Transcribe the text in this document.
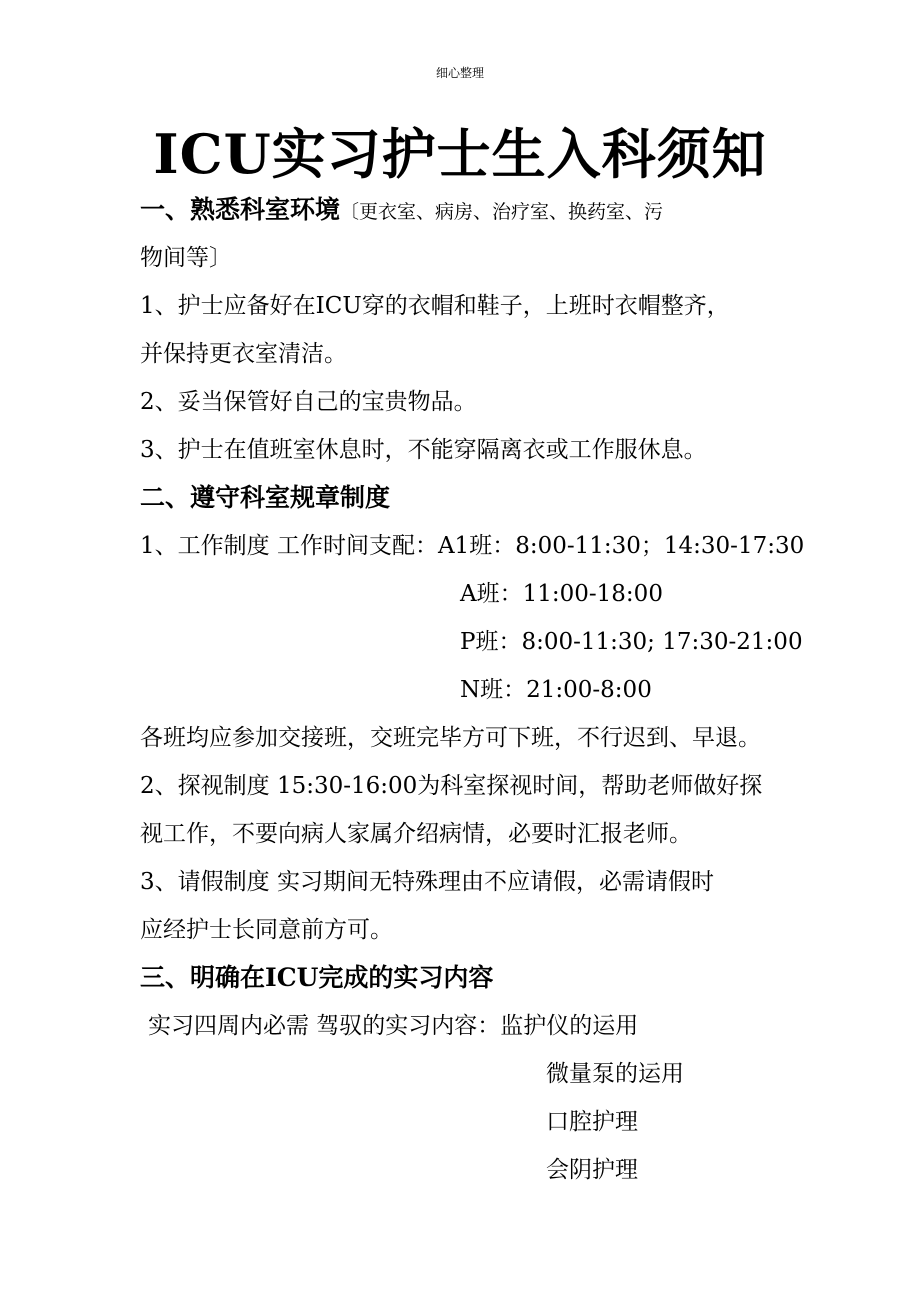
细心整理
ICU实习护士生入科须知
一、熟悉科室环境〔更衣室、病房、治疗室、换药室、污
物间等〕
1、护士应备好在ICU穿的衣帽和鞋子，上班时衣帽整齐，
并保持更衣室清洁。
2、妥当保管好自己的宝贵物品。
3、护士在值班室休息时，不能穿隔离衣或工作服休息。
二、遵守科室规章制度
1、工作制度 工作时间支配：A1班：8:00-11:30；14:30-17:30
A班：11:00-18:00
P班：8:00-11:30; 17:30-21:00
N班：21:00-8:00
各班均应参加交接班，交班完毕方可下班，不行迟到、早退。
2、探视制度 15:30-16:00为科室探视时间，帮助老师做好探
视工作，不要向病人家属介绍病情，必要时汇报老师。
3、请假制度 实习期间无特殊理由不应请假，必需请假时
应经护士长同意前方可。
三、明确在ICU完成的实习内容
实习四周内必需 驾驭的实习内容：监护仪的运用
微量泵的运用
口腔护理
会阴护理
